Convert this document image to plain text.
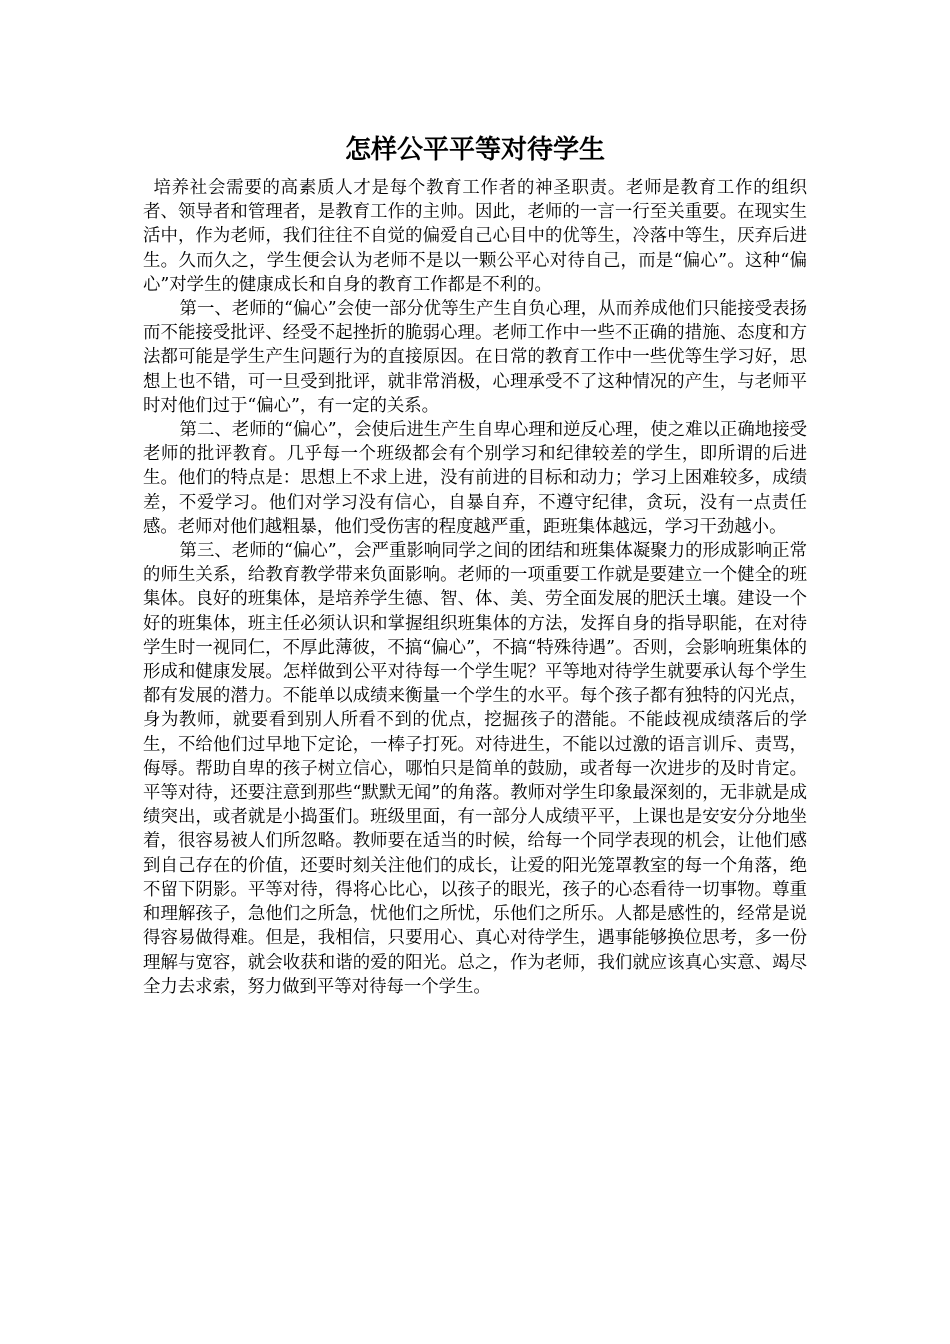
怎样公平平等对待学生

培养社会需要的高素质人才是每个教育工作者的神圣职责。老师是教育工作的组织者、领导者和管理者，是教育工作的主帅。因此，老师的一言一行至关重要。在现实生活中，作为老师，我们往往不自觉的偏爱自己心目中的优等生，冷落中等生，厌弃后进生。久而久之，学生便会认为老师不是以一颗公平心对待自己，而是“偏心”。这种“偏心”对学生的健康成长和自身的教育工作都是不利的。

第一、老师的“偏心”会使一部分优等生产生自负心理，从而养成他们只能接受表扬而不能接受批评、经受不起挫折的脆弱心理。老师工作中一些不正确的措施、态度和方法都可能是学生产生问题行为的直接原因。在日常的教育工作中一些优等生学习好，思想上也不错，可一旦受到批评，就非常消极，心理承受不了这种情况的产生，与老师平时对他们过于“偏心”，有一定的关系。

第二、老师的“偏心”，会使后进生产生自卑心理和逆反心理，使之难以正确地接受老师的批评教育。几乎每一个班级都会有个别学习和纪律较差的学生，即所谓的后进生。他们的特点是：思想上不求上进，没有前进的目标和动力；学习上困难较多，成绩差，不爱学习。他们对学习没有信心，自暴自弃，不遵守纪律，贪玩，没有一点责任感。老师对他们越粗暴，他们受伤害的程度越严重，距班集体越远，学习干劲越小。

第三、老师的“偏心”，会严重影响同学之间的团结和班集体凝聚力的形成影响正常的师生关系，给教育教学带来负面影响。老师的一项重要工作就是要建立一个健全的班集体。良好的班集体，是培养学生德、智、体、美、劳全面发展的肥沃土壤。建设一个好的班集体，班主任必须认识和掌握组织班集体的方法，发挥自身的指导职能，在对待学生时一视同仁，不厚此薄彼，不搞“偏心”，不搞“特殊待遇”。否则，会影响班集体的形成和健康发展。怎样做到公平对待每一个学生呢？平等地对待学生就要承认每个学生都有发展的潜力。不能单以成绩来衡量一个学生的水平。每个孩子都有独特的闪光点，身为教师，就要看到别人所看不到的优点，挖掘孩子的潜能。不能歧视成绩落后的学生，不给他们过早地下定论，一棒子打死。对待进生，不能以过激的语言训斥、责骂，侮辱。帮助自卑的孩子树立信心，哪怕只是简单的鼓励，或者每一次进步的及时肯定。平等对待，还要注意到那些“默默无闻”的角落。教师对学生印象最深刻的，无非就是成绩突出，或者就是小捣蛋们。班级里面，有一部分人成绩平平，上课也是安安分分地坐着，很容易被人们所忽略。教师要在适当的时候，给每一个同学表现的机会，让他们感到自己存在的价值，还要时刻关注他们的成长，让爱的阳光笼罩教室的每一个角落，绝不留下阴影。平等对待，得将心比心，以孩子的眼光，孩子的心态看待一切事物。尊重和理解孩子，急他们之所急，忧他们之所忧，乐他们之所乐。人都是感性的，经常是说得容易做得难。但是，我相信，只要用心、真心对待学生，遇事能够换位思考，多一份理解与宽容，就会收获和谐的爱的阳光。总之，作为老师，我们就应该真心实意、竭尽全力去求索，努力做到平等对待每一个学生。
